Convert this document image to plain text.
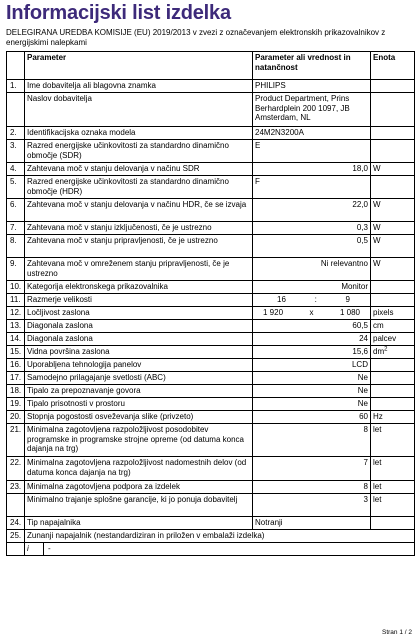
Informacijski list izdelka
DELEGIRANA UREDBA KOMISIJE (EU) 2019/2013 v zvezi z označevanjem elektronskih prikazovalnikov z energijskimi nalepkami
	Parameter	Parameter ali vrednost in natančnost	Enota
1.	Ime dobavitelja ali blagovna znamka	PHILIPS	
	Naslov dobavitelja	Product Department, Prins Berhardplein 200 1097, JB Amsterdam, NL	
2.	Identifikacijska oznaka modela	24M2N3200A	
3.	Razred energijske učinkovitosti za standardno dinamično območje (SDR)	E	
4.	Zahtevana moč v stanju delovanja v načinu SDR	18,0	W
5.	Razred energijske učinkovitosti za standardno dinamično območje (HDR)	F	
6.	Zahtevana moč v stanju delovanja v načinu HDR, če se izvaja	22,0	W
7.	Zahtevana moč v stanju izključenosti, če je ustrezno	0,3	W
8.	Zahtevana moč v stanju pripravljenosti, če je ustrezno	0,5	W
9.	Zahtevana moč v omreženem stanju pripravljenosti, če je ustrezno	Ni relevantno	W
10.	Kategorija elektronskega prikazovalnika	Monitor	
11.	Razmerje velikosti	16 : 9	

12.	Ločljivost zaslona	1 920 x 1 080	pixels
13.	Diagonala zaslona	60,5	cm
14.	Diagonala zaslona	24	palcev
15.	Vidna površina zaslona	15,6	$dm^2$
16.	Uporabljena tehnologija panelov	LCD	
17.	Samodejno prilagajanje svetlosti (ABC)	Ne	
18.	Tipalo za prepoznavanje govora	Ne	
19.	Tipalo prisotnosti v prostoru	Ne	
20.	Stopnja pogostosti osveževanja slike (privzeto)	60	Hz
21.	Minimalna zagotovljena razpoložljivost posodobitev programske in programske strojne opreme (od datuma konca dajanja na trg)	8	let
22.	Minimalna zagotovljena razpoložljivost nadomestnih delov (od datuma konca dajanja na trg)	7	let
23.	Minimalna zagotovljena podpora za izdelek	8	let
	Minimalno trajanje splošne garancije, ki jo ponuja dobavitelj	3	let
24.	Tip napajalnika	Notranji	
25.	Zunanji napajalnik (nestandardiziran in priložen v embalaži izdelka)		

	i -		
Stran 1 / 2
